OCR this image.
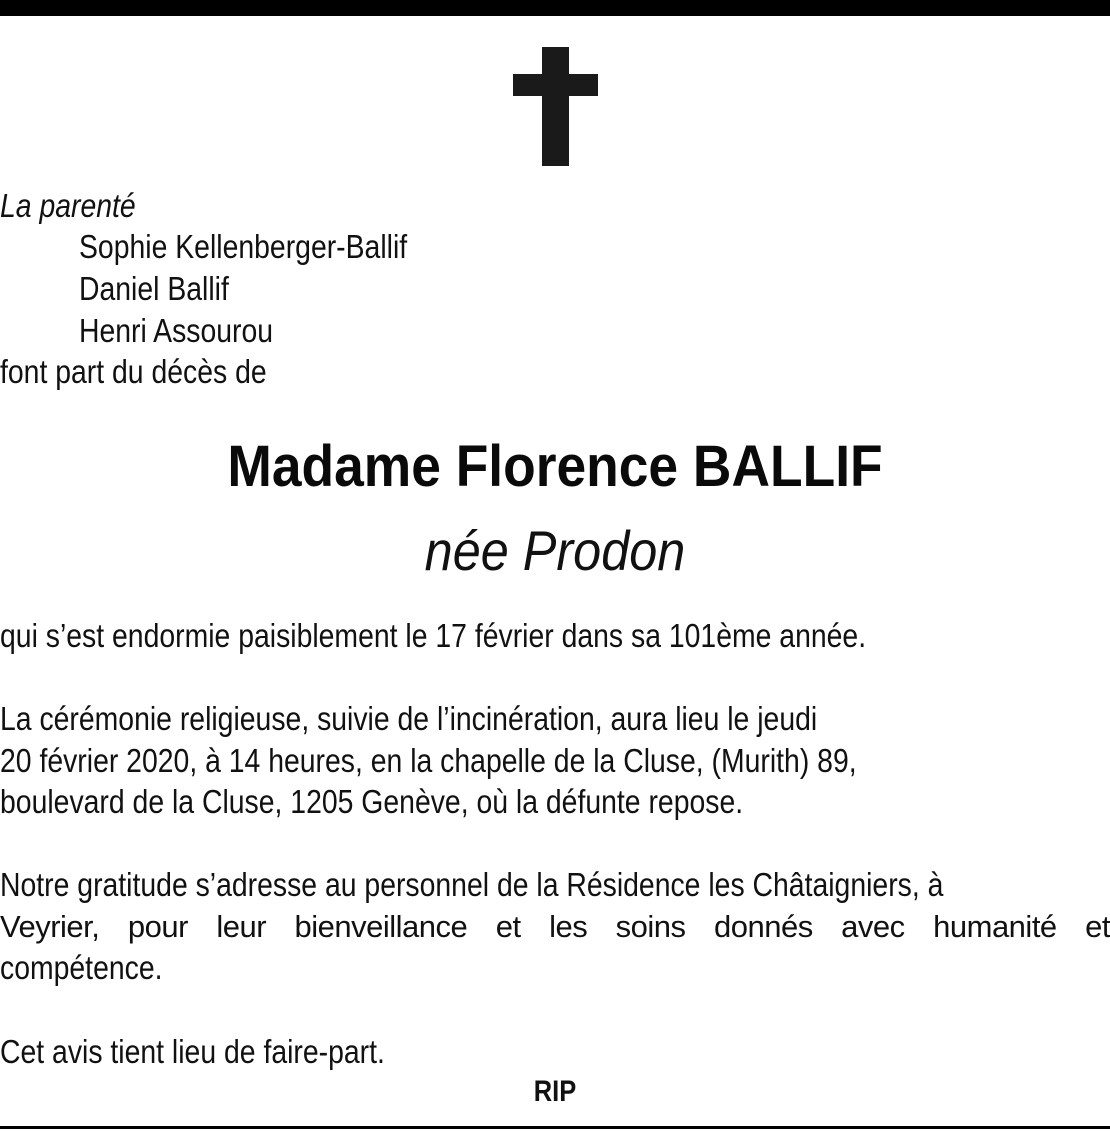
La parenté
Sophie Kellenberger-Ballif
Daniel Ballif
Henri Assourou
font part du décès de
Madame Florence BALLIF
née Prodon
qui s’est endormie paisiblement le 17 février dans sa 101ème année.
La cérémonie religieuse, suivie de l’incinération, aura lieu le jeudi
20 février 2020, à 14 heures, en la chapelle de la Cluse, (Murith) 89,
boulevard de la Cluse, 1205 Genève, où la défunte repose.
Notre gratitude s’adresse au personnel de la Résidence les Châtaigniers, à
Veyrier, pour leur bienveillance et les soins donnés avec humanité et
compétence.
Cet avis tient lieu de faire-part.
RIP
